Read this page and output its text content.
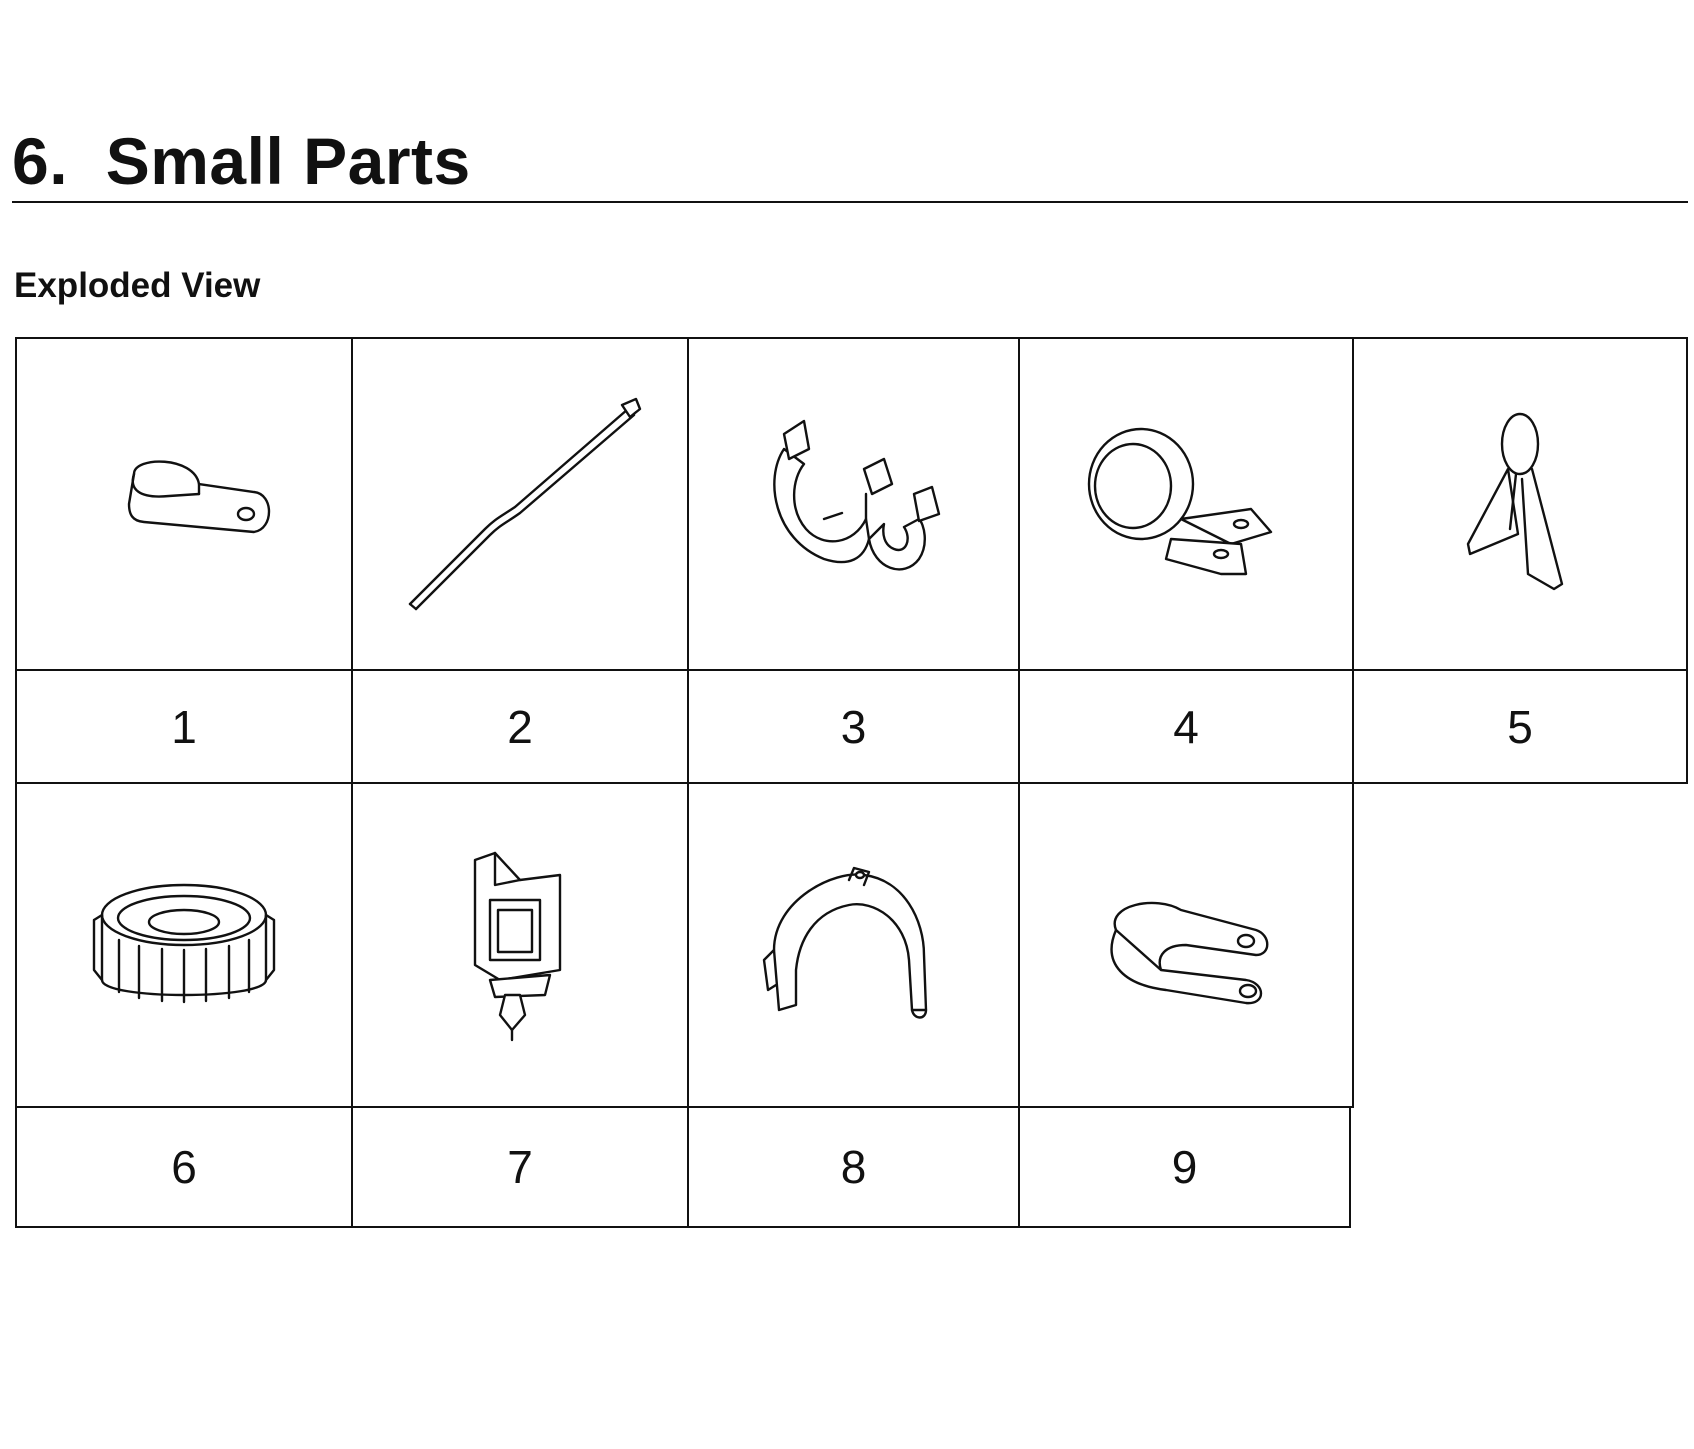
6.  Small Parts
Exploded View
1	2	3	4	5
6	7	8	9
